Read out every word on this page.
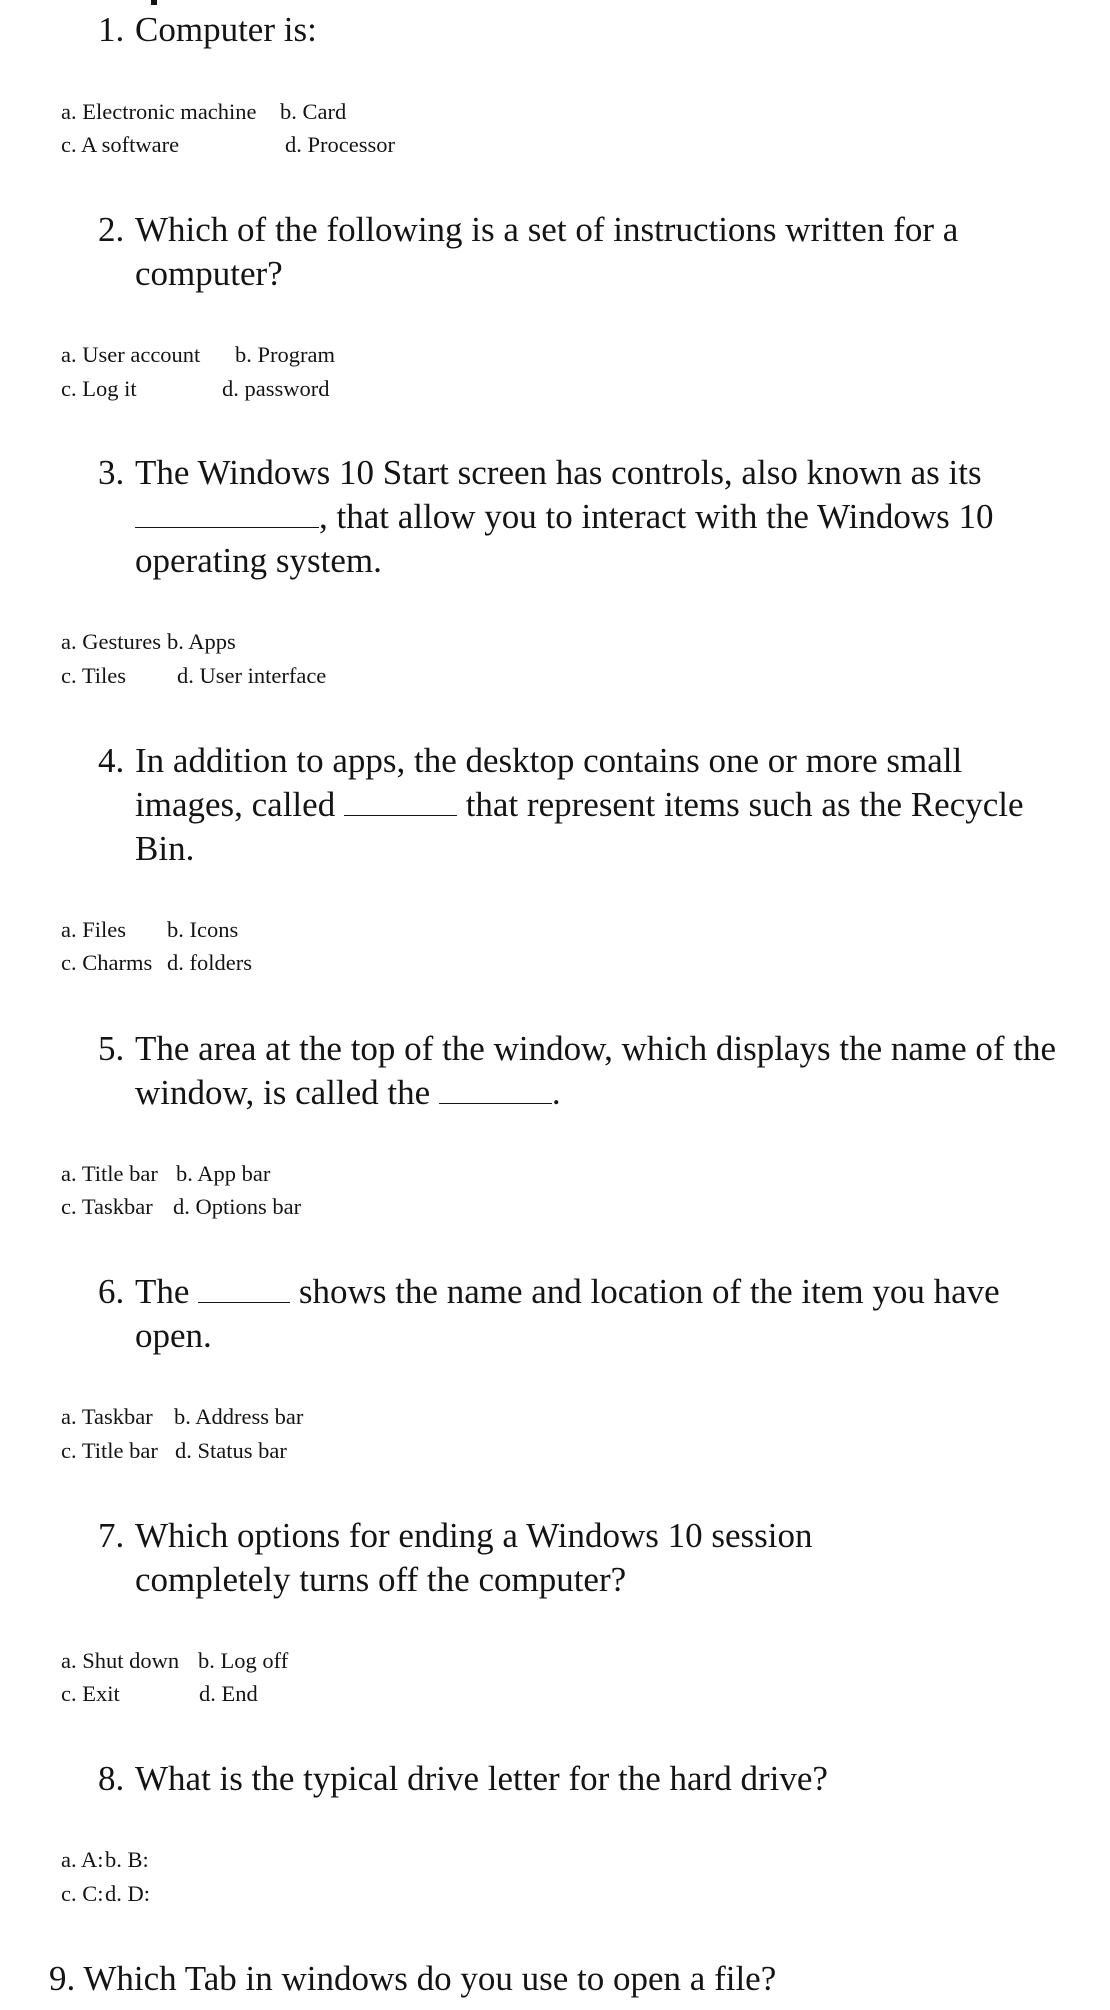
1. Computer is:
a. Electronic machine b. Card
c. A software	d. Processor
2. Which of the following is a set of instructions written for a computer?
a. User account b. Program
c. Log it	d. password
3. The Windows 10 Start screen has controls, also known as its , that allow you to interact with the Windows 10 operating system.
a. Gestures b. Apps
c. Tiles d. User interface
4. In addition to apps, the desktop contains one or more small images, called	that represent items such as the Recycle Bin.
a. Files b. Icons
c. Charms d. folders
5. The area at the top of the window, which displays the name of the window, is called the	.
a. Title bar b. App bar
c. Taskbar d. Options bar
6. The	shows the name and location of the item you have open.
a. Taskbar b. Address bar
c. Title bar d. Status bar
7. Which options for ending a Windows 10 session completely turns off the computer?
a. Shut down b. Log off
c. Exit	d. End
8. What is the typical drive letter for the hard drive?
a. A: b. B:
c. C: d. D:
9. Which Tab in windows do you use to open a file?
